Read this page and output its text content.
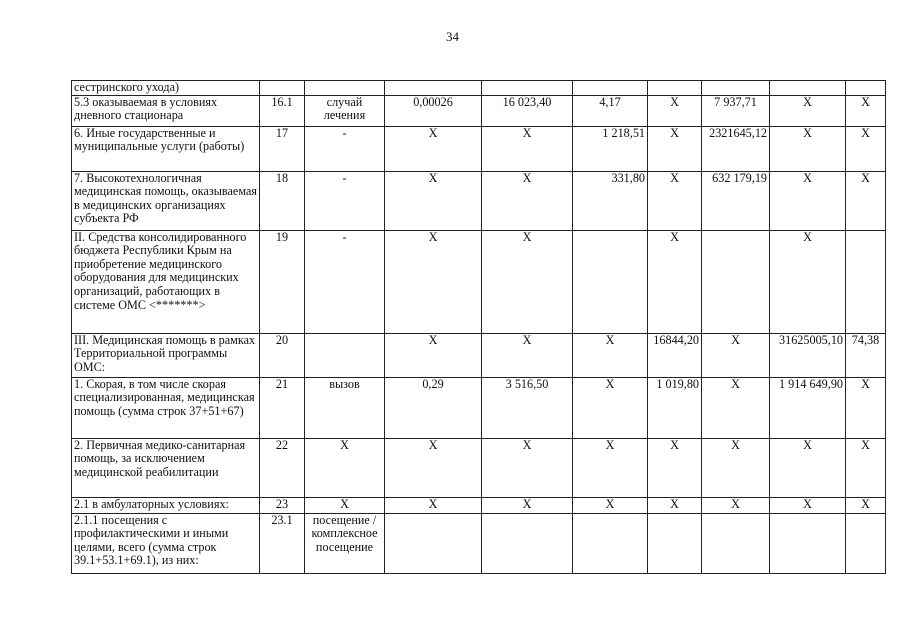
34
сестринского ухода)									
5.3 оказываемая в условиях дневного стационара	16.1	случай лечения	0,00026	16 023,40	4,17	Х	7 937,71	Х	Х
6. Иные государственные и муниципальные услуги (работы)	17	-	Х	Х	1 218,51	Х	2321645,12	Х	Х
7. Высокотехнологичная медицинская помощь, оказываемая в медицинских организациях субъекта РФ	18	-	Х	Х	331,80	Х	632 179,19	Х	Х
II. Средства консолидированного бюджета Республики Крым на приобретение медицинского оборудования для медицинских организаций, работающих в системе ОМС <*******>	19	-	Х	Х		Х		Х	
III. Медицинская помощь в рамках Территориальной программы ОМС:	20		Х	Х	Х	16844,20	Х	31625005,10	74,38
1. Скорая, в том числе скорая специализированная, медицинская помощь (сумма строк 37+51+67)	21	вызов	0,29	3 516,50	Х	1 019,80	Х	1 914 649,90	Х
2. Первичная медико-санитарная помощь, за исключением медицинской реабилитации	22	Х	Х	Х	Х	Х	Х	Х	Х
2.1 в амбулаторных условиях:	23	Х	Х	Х	Х	Х	Х	Х	Х
2.1.1 посещения с профилактическими и иными целями, всего (сумма строк 39.1+53.1+69.1), из них:	23.1	посещение / комплексное посещение							
